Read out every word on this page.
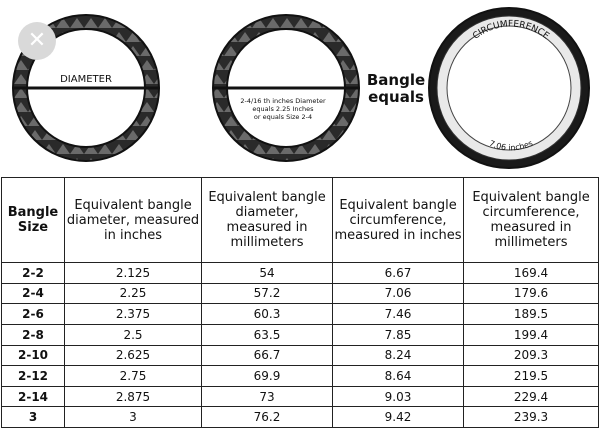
DIAMETER
2-4/16 th inches Diameter
equals 2.25 Inches
or equals Size 2-4
CIRCUMFERENCE
7.06 inches
✕
Bangle
equals
Bangle Size	Equivalent bangle diameter, measured in inches	Equivalent bangle diameter, measured in millimeters	Equivalent bangle circumference, measured in inches	Equivalent bangle circumference, measured in millimeters
2-2	2.125	54	6.67	169.4
2-4	2.25	57.2	7.06	179.6
2-6	2.375	60.3	7.46	189.5
2-8	2.5	63.5	7.85	199.4
2-10	2.625	66.7	8.24	209.3
2-12	2.75	69.9	8.64	219.5
2-14	2.875	73	9.03	229.4
3	3	76.2	9.42	239.3
